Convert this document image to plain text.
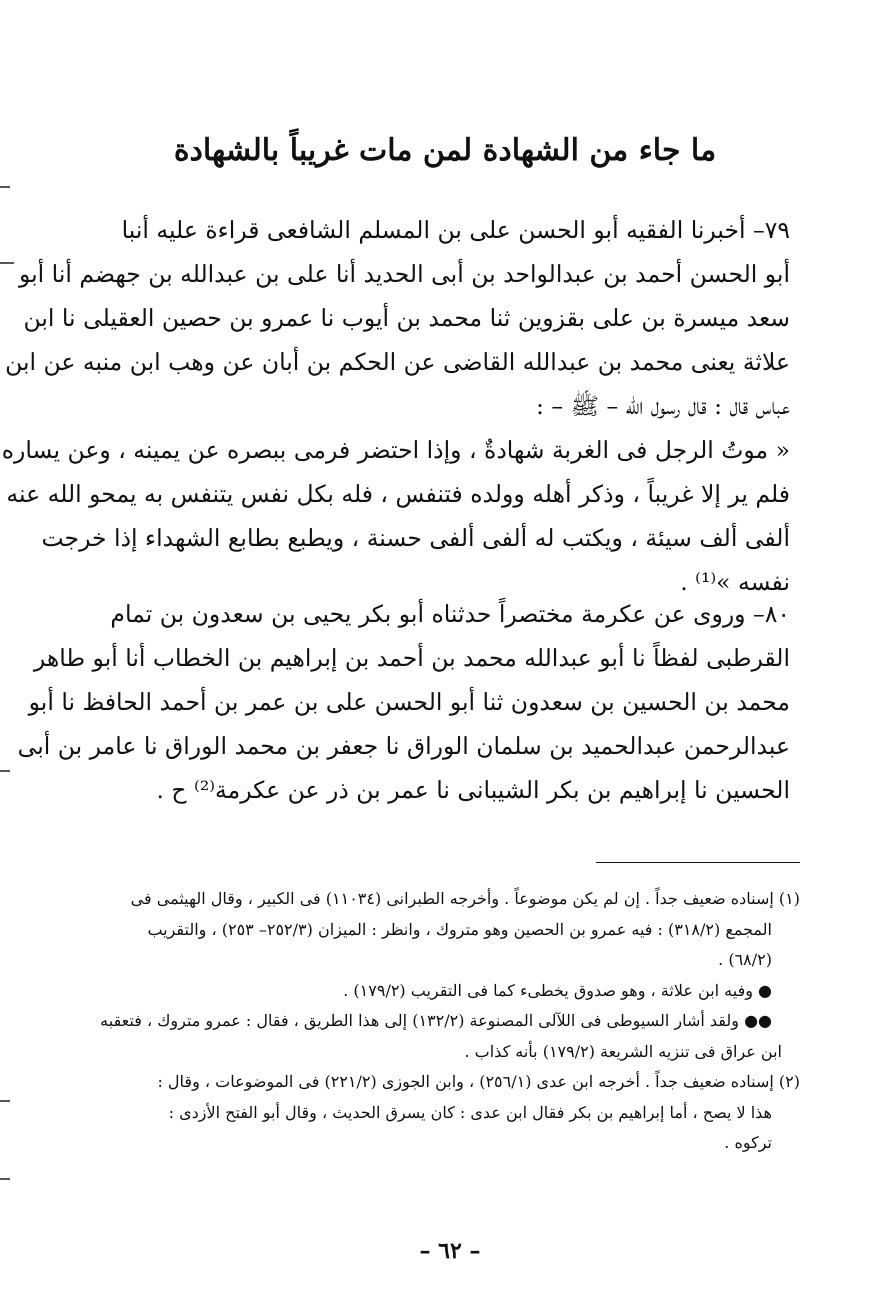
ما جاء من الشهادة لمن مات غريباً بالشهادة
٧٩– أخبرنا الفقيه أبو الحسن على بن المسلم الشافعى قراءة عليه أنبا
أبو الحسن أحمد بن عبدالواحد بن أبى الحديد أنا على بن عبدالله بن جهضم أنا أبو
سعد ميسرة بن على بقزوين ثنا محمد بن أيوب نا عمرو بن حصين العقيلى نا ابن
علاثة يعنى محمد بن عبدالله القاضى عن الحكم بن أبان عن وهب ابن منبه عن ابن
عباس قال : قال رسول الله – ﷺ – :
« موتُ الرجل فى الغربة شهادةٌ ، وإذا احتضر فرمى ببصره عن يمينه ، وعن يساره
فلم ير إلا غريباً ، وذكر أهله وولده فتنفس ، فله بكل نفس يتنفس به يمحو الله عنه
ألفى ألف سيئة ، ويكتب له ألفى ألفى حسنة ، ويطبع بطابع الشهداء إذا خرجت
نفسه »⁽¹⁾ .
٨٠– وروى عن عكرمة مختصراً حدثناه أبو بكر يحيى بن سعدون بن تمام
القرطبى لفظاً نا أبو عبدالله محمد بن أحمد بن إبراهيم بن الخطاب أنا أبو طاهر
محمد بن الحسين بن سعدون ثنا أبو الحسن على بن عمر بن أحمد الحافظ نا أبو
عبدالرحمن عبدالحميد بن سلمان الوراق نا جعفر بن محمد الوراق نا عامر بن أبى
الحسين نا إبراهيم بن بكر الشيبانى نا عمر بن ذر عن عكرمة⁽²⁾ ح .
(١) إسناده ضعيف جداً . إن لم يكن موضوعاً . وأخرجه الطبرانى (١١٠٣٤) فى الكبير ، وقال الهيثمى فى
المجمع (٣١٨/٢) : فيه عمرو بن الحصين وهو متروك ، وانظر : الميزان (٢٥٢/٣– ٢٥٣) ، والتقريب
(٦٨/٢) .
● وفيه ابن علاثة ، وهو صدوق يخطىء كما فى التقريب (١٧٩/٢) .
●● ولقد أشار السيوطى فى اللآلى المصنوعة (١٣٢/٢) إلى هذا الطريق ، فقال : عمرو متروك ، فتعقبه
ابن عراق فى تنزيه الشريعة (١٧٩/٢) بأنه كذاب .
(٢) إسناده ضعيف جداً . أخرجه ابن عدى (٢٥٦/١) ، وابن الجوزى (٢٢١/٢) فى الموضوعات ، وقال :
هذا لا يصح ، أما إبراهيم بن بكر فقال ابن عدى : كان يسرق الحديث ، وقال أبو الفتح الأزدى :
تركوه .
– ٦٢ –
